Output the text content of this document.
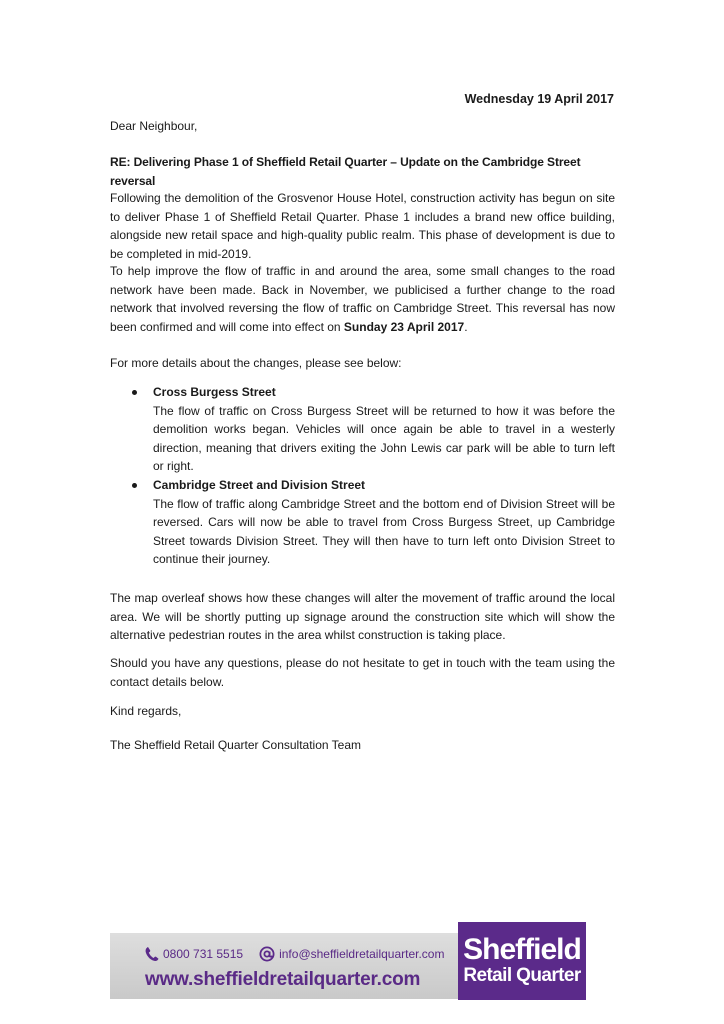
Wednesday 19 April 2017
Dear Neighbour,
RE: Delivering Phase 1 of Sheffield Retail Quarter – Update on the Cambridge Street reversal
Following the demolition of the Grosvenor House Hotel, construction activity has begun on site to deliver Phase 1 of Sheffield Retail Quarter. Phase 1 includes a brand new office building, alongside new retail space and high-quality public realm. This phase of development is due to be completed in mid-2019.
To help improve the flow of traffic in and around the area, some small changes to the road network have been made. Back in November, we publicised a further change to the road network that involved reversing the flow of traffic on Cambridge Street. This reversal has now been confirmed and will come into effect on Sunday 23 April 2017.
For more details about the changes, please see below:
Cross Burgess Street
The flow of traffic on Cross Burgess Street will be returned to how it was before the demolition works began. Vehicles will once again be able to travel in a westerly direction, meaning that drivers exiting the John Lewis car park will be able to turn left or right.
Cambridge Street and Division Street
The flow of traffic along Cambridge Street and the bottom end of Division Street will be reversed. Cars will now be able to travel from Cross Burgess Street, up Cambridge Street towards Division Street. They will then have to turn left onto Division Street to continue their journey.
The map overleaf shows how these changes will alter the movement of traffic around the local area. We will be shortly putting up signage around the construction site which will show the alternative pedestrian routes in the area whilst construction is taking place.
Should you have any questions, please do not hesitate to get in touch with the team using the contact details below.
Kind regards,
The Sheffield Retail Quarter Consultation Team
0800 731 5515	info@sheffieldretailquarter.com
www.sheffieldretailquarter.com
Sheffield
Retail Quarter
